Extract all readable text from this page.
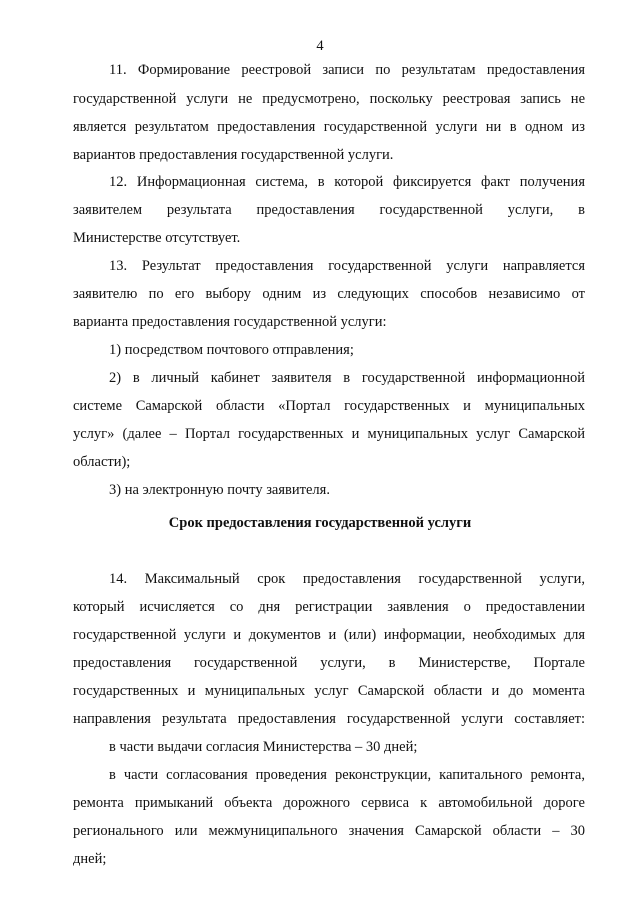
4
11. Формирование реестровой записи по результатам предоставления
государственной услуги не предусмотрено, поскольку реестровая запись не
является результатом предоставления государственной услуги ни в одном из
вариантов предоставления государственной услуги.
12. Информационная система, в которой фиксируется факт получения
заявителем результата предоставления государственной услуги, в
Министерстве отсутствует.
13. Результат предоставления государственной услуги направляется
заявителю по его выбору одним из следующих способов независимо от
варианта предоставления государственной услуги:
1) посредством почтового отправления;
2) в личный кабинет заявителя в государственной информационной
системе Самарской области «Портал государственных и муниципальных
услуг» (далее – Портал государственных и муниципальных услуг Самарской
области);
3) на электронную почту заявителя.
Срок предоставления государственной услуги
14. Максимальный срок предоставления государственной услуги,
который исчисляется со дня регистрации заявления о предоставлении
государственной услуги и документов и (или) информации, необходимых для
предоставления государственной услуги, в Министерстве, Портале
государственных и муниципальных услуг Самарской области и до момента
направления результата предоставления государственной услуги составляет:
в части выдачи согласия Министерства – 30 дней;
в части согласования проведения реконструкции, капитального ремонта,
ремонта примыканий объекта дорожного сервиса к автомобильной дороге
регионального или межмуниципального значения Самарской области – 30
дней;
